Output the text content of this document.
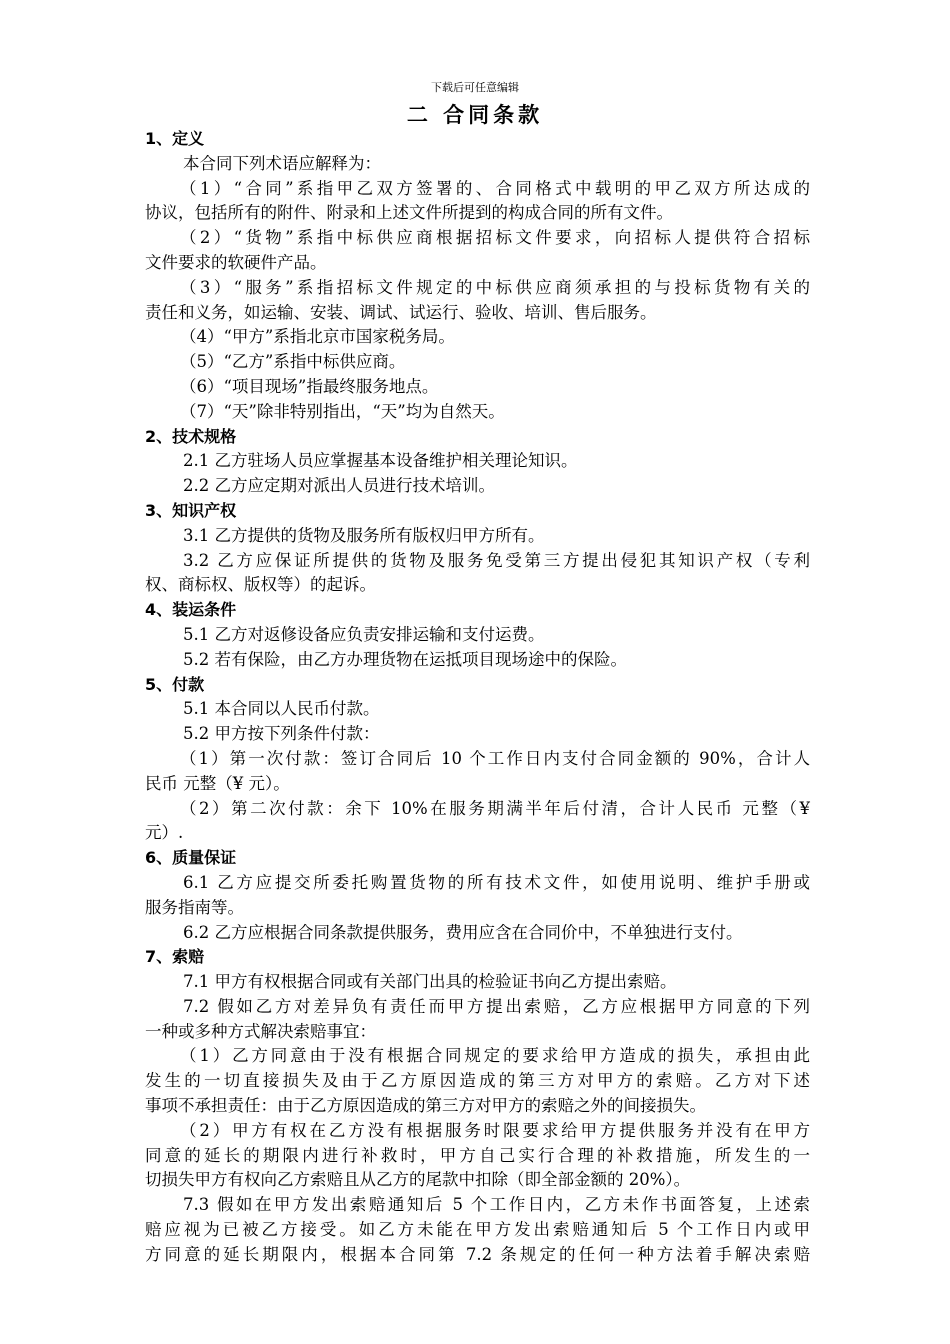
下载后可任意编辑
二 合同条款
1、定义
本合同下列术语应解释为：
（1）“合同”系指甲乙双方签署的、合同格式中载明的甲乙双方所达成的
协议，包括所有的附件、附录和上述文件所提到的构成合同的所有文件。
（2）“货物”系指中标供应商根据招标文件要求，向招标人提供符合招标
文件要求的软硬件产品。
（3）“服务”系指招标文件规定的中标供应商须承担的与投标货物有关的
责任和义务，如运输、安装、调试、试运行、验收、培训、售后服务。
（4）“甲方”系指北京市国家税务局。
（5）“乙方”系指中标供应商。
（6）“项目现场”指最终服务地点。
（7）“天”除非特别指出，“天”均为自然天。
2、技术规格
2.1 乙方驻场人员应掌握基本设备维护相关理论知识。
2.2 乙方应定期对派出人员进行技术培训。
3、知识产权
3.1 乙方提供的货物及服务所有版权归甲方所有。
3.2 乙方应保证所提供的货物及服务免受第三方提出侵犯其知识产权（专利
权、商标权、版权等）的起诉。
4、装运条件
5.1 乙方对返修设备应负责安排运输和支付运费。
5.2 若有保险，由乙方办理货物在运抵项目现场途中的保险。
5、付款
5.1 本合同以人民币付款。
5.2 甲方按下列条件付款：
（1）第一次付款：签订合同后 10 个工作日内支付合同金额的 90%，合计人
民币 元整（¥ 元）。
（2）第二次付款：余下 10%在服务期满半年后付清，合计人民币 元整（¥
元）.
6、质量保证
6.1 乙方应提交所委托购置货物的所有技术文件，如使用说明、维护手册或
服务指南等。
6.2 乙方应根据合同条款提供服务，费用应含在合同价中，不单独进行支付。
7、索赔
7.1 甲方有权根据合同或有关部门出具的检验证书向乙方提出索赔。
7.2 假如乙方对差异负有责任而甲方提出索赔，乙方应根据甲方同意的下列
一种或多种方式解决索赔事宜：
（1）乙方同意由于没有根据合同规定的要求给甲方造成的损失，承担由此
发生的一切直接损失及由于乙方原因造成的第三方对甲方的索赔。乙方对下述
事项不承担责任：由于乙方原因造成的第三方对甲方的索赔之外的间接损失。
（2）甲方有权在乙方没有根据服务时限要求给甲方提供服务并没有在甲方
同意的延长的期限内进行补救时，甲方自己实行合理的补救措施，所发生的一
切损失甲方有权向乙方索赔且从乙方的尾款中扣除（即全部金额的 20%）。
7.3 假如在甲方发出索赔通知后 5 个工作日内，乙方未作书面答复，上述索
赔应视为已被乙方接受。如乙方未能在甲方发出索赔通知后 5 个工作日内或甲
方同意的延长期限内，根据本合同第 7.2 条规定的任何一种方法着手解决索赔
